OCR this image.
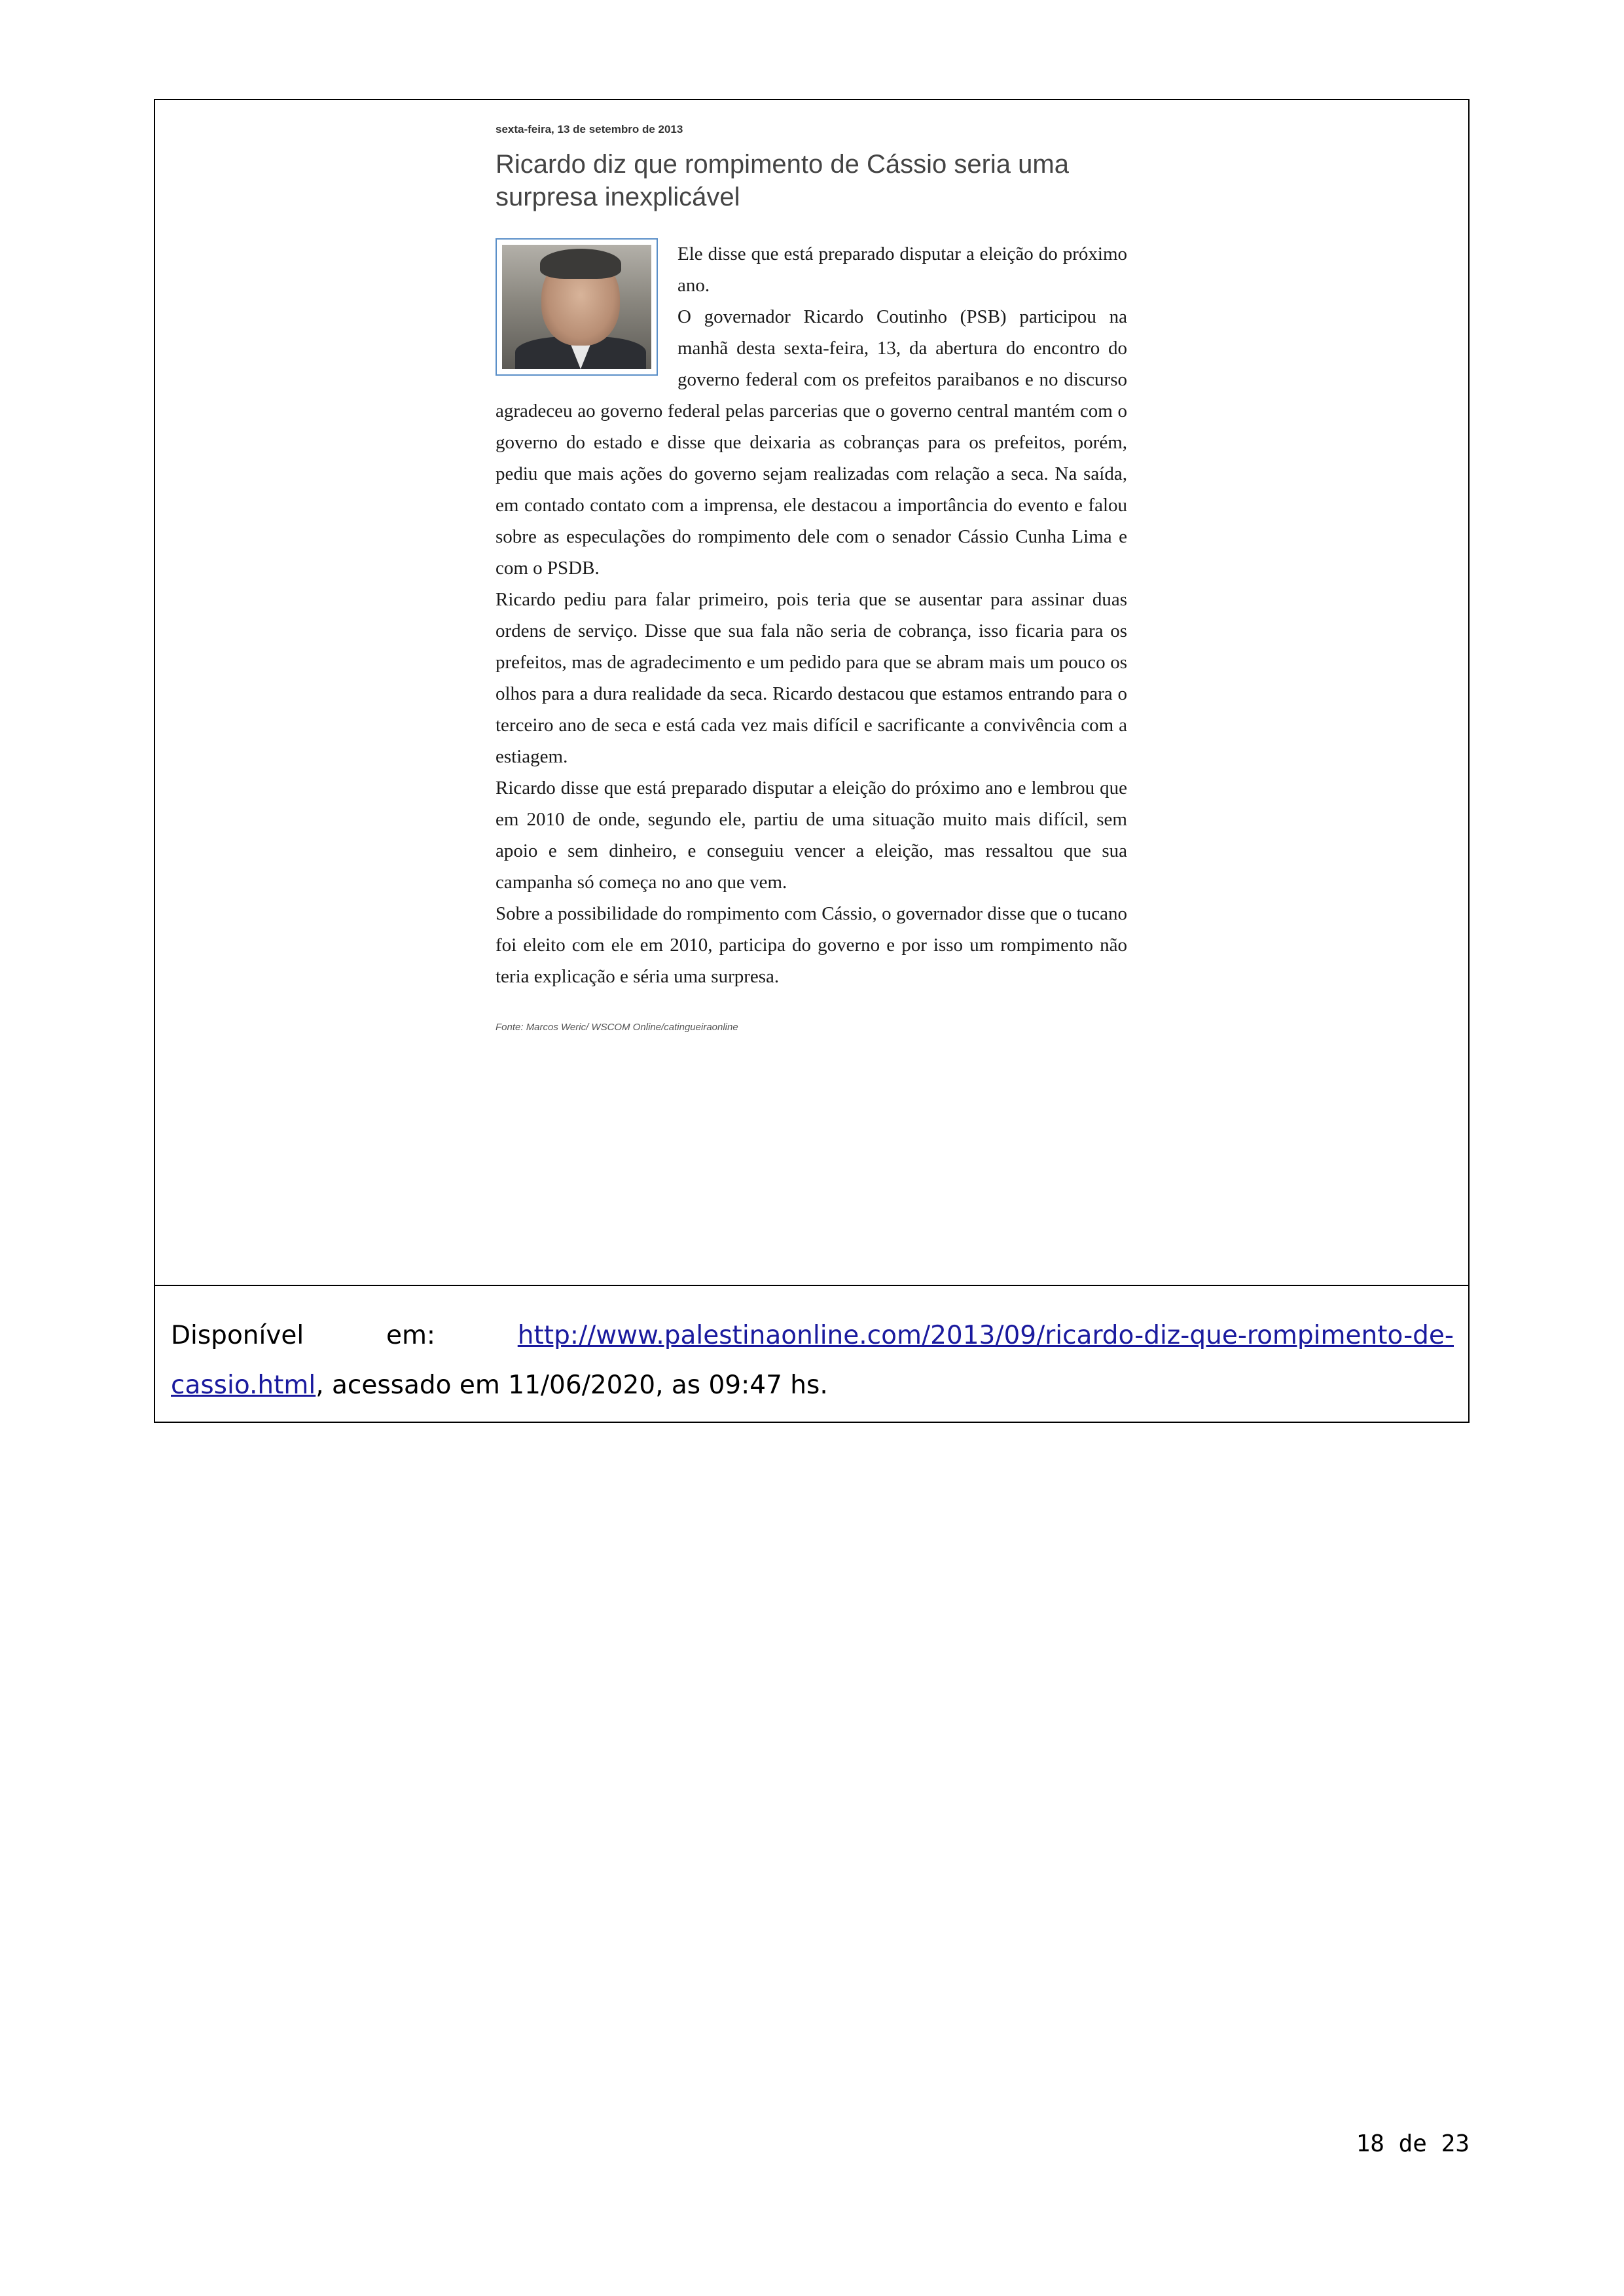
sexta-feira, 13 de setembro de 2013
Ricardo diz que rompimento de Cássio seria uma surpresa inexplicável

Ele disse que está preparado disputar a eleição do próximo ano.

O governador Ricardo Coutinho (PSB) participou na manhã desta sexta-feira, 13, da abertura do encontro do governo federal com os prefeitos paraibanos e no discurso agradeceu ao governo federal pelas parcerias que o governo central mantém com o governo do estado e disse que deixaria as cobranças para os prefeitos, porém, pediu que mais ações do governo sejam realizadas com relação a seca. Na saída, em contado contato com a imprensa, ele destacou a importância do evento e falou sobre as especulações do rompimento dele com o senador Cássio Cunha Lima e com o PSDB.

Ricardo pediu para falar primeiro, pois teria que se ausentar para assinar duas ordens de serviço. Disse que sua fala não seria de cobrança, isso ficaria para os prefeitos, mas de agradecimento e um pedido para que se abram mais um pouco os olhos para a dura realidade da seca. Ricardo destacou que estamos entrando para o terceiro ano de seca e está cada vez mais difícil e sacrificante a convivência com a estiagem.

Ricardo disse que está preparado disputar a eleição do próximo ano e lembrou que em 2010 de onde, segundo ele, partiu de uma situação muito mais difícil, sem apoio e sem dinheiro, e conseguiu vencer a eleição, mas ressaltou que sua campanha só começa no ano que vem.

Sobre a possibilidade do rompimento com Cássio, o governador disse que o tucano foi eleito com ele em 2010, participa do governo e por isso um rompimento não teria explicação e séria uma surpresa.

Fonte: Marcos Weric/ WSCOM Online/catingueiraonline
Disponível em: http://www.palestinaonline.com/2013/09/ricardo-diz-que-rompimento-de-cassio.html, acessado em 11/06/2020, as 09:47 hs.
18 de 23
